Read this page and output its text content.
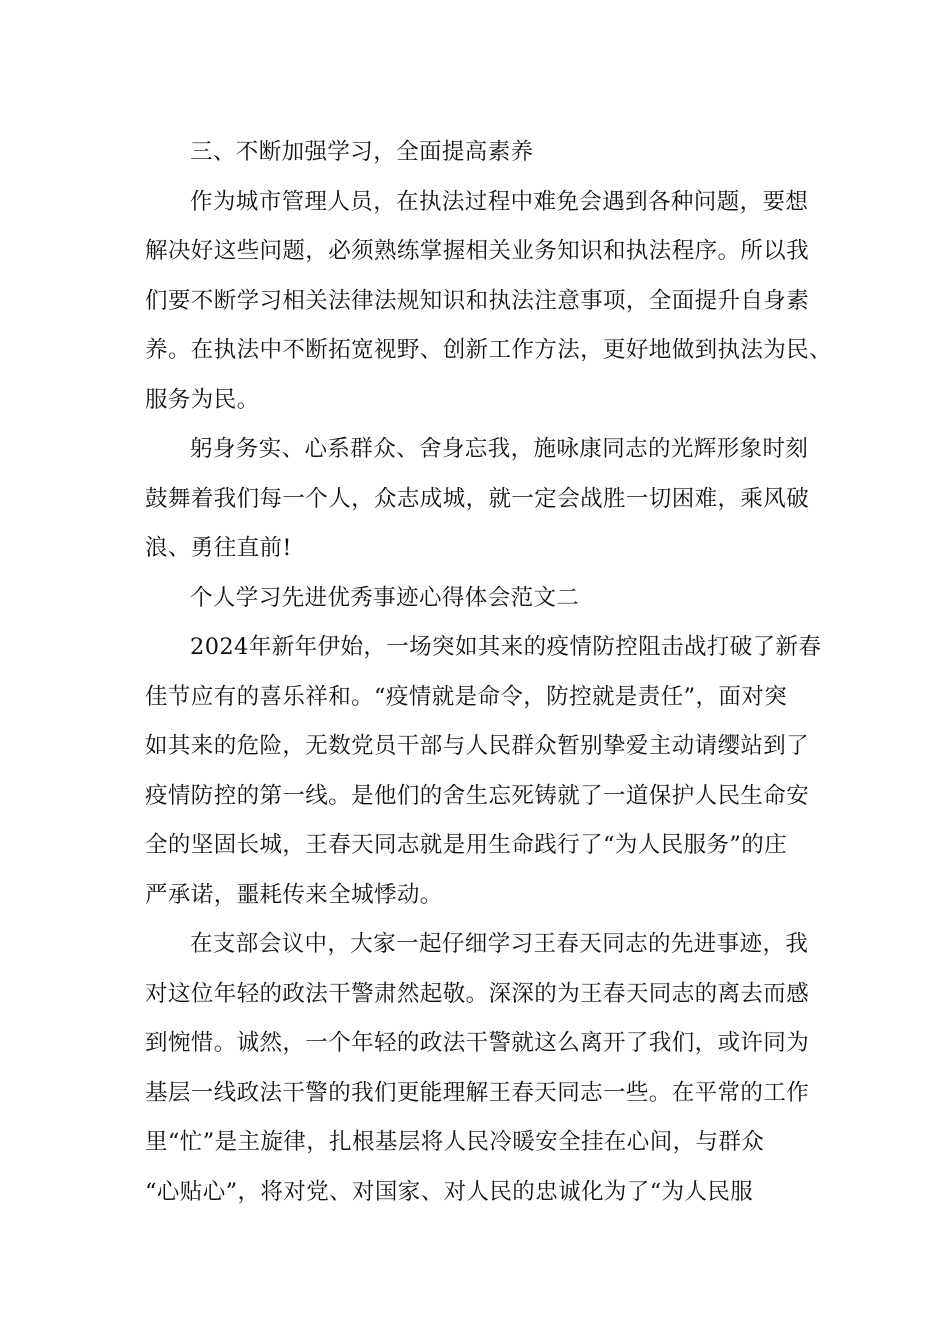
三、不断加强学习，全面提高素养

作为城市管理人员，在执法过程中难免会遇到各种问题，要想
解决好这些问题，必须熟练掌握相关业务知识和执法程序。所以我
们要不断学习相关法律法规知识和执法注意事项，全面提升自身素
养。在执法中不断拓宽视野、创新工作方法，更好地做到执法为民、
服务为民。

躬身务实、心系群众、舍身忘我，施咏康同志的光辉形象时刻
鼓舞着我们每一个人，众志成城，就一定会战胜一切困难，乘风破
浪、勇往直前!

个人学习先进优秀事迹心得体会范文二

2024年新年伊始，一场突如其来的疫情防控阻击战打破了新春
佳节应有的喜乐祥和。“疫情就是命令，防控就是责任”，面对突
如其来的危险，无数党员干部与人民群众暂别挚爱主动请缨站到了
疫情防控的第一线。是他们的舍生忘死铸就了一道保护人民生命安
全的坚固长城，王春天同志就是用生命践行了“为人民服务”的庄
严承诺，噩耗传来全城悸动。

在支部会议中，大家一起仔细学习王春天同志的先进事迹，我
对这位年轻的政法干警肃然起敬。深深的为王春天同志的离去而感
到惋惜。诚然，一个年轻的政法干警就这么离开了我们，或许同为
基层一线政法干警的我们更能理解王春天同志一些。在平常的工作
里“忙”是主旋律，扎根基层将人民冷暖安全挂在心间，与群众
“心贴心”，将对党、对国家、对人民的忠诚化为了“为人民服
